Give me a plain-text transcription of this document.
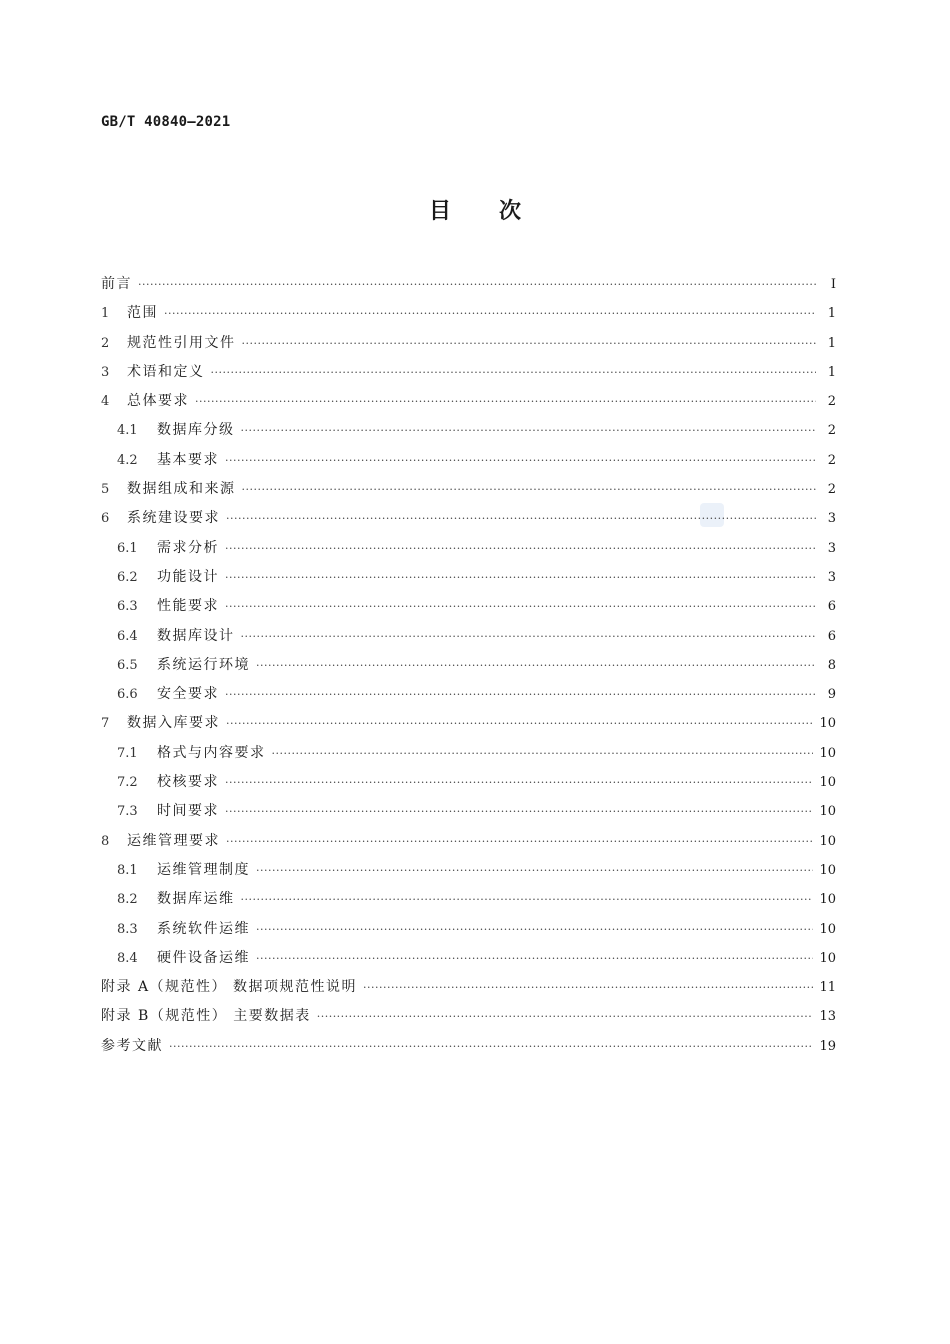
GB/T 40840—2021
目次
前言 ·····	I
1	范围 ·····	1
2	规范性引用文件 ·····	1
3	术语和定义 ·····	1
4	总体要求 ·····	2
4.1	数据库分级 ·····	2
4.2	基本要求 ·····	2
5	数据组成和来源 ·····	2
6	系统建设要求 ·····	3
6.1	需求分析 ·····	3
6.2	功能设计 ·····	3
6.3	性能要求 ·····	6
6.4	数据库设计 ·····	6
6.5	系统运行环境 ·····	8
6.6	安全要求 ·····	9
7	数据入库要求 ·····	10
7.1	格式与内容要求 ·····	10
7.2	校核要求 ·····	10
7.3	时间要求 ·····	10
8	运维管理要求 ·····	10
8.1	运维管理制度 ·····	10
8.2	数据库运维 ·····	10
8.3	系统软件运维 ·····	10
8.4	硬件设备运维 ·····	10
附录 A（规范性） 数据项规范性说明 ·····	11
附录 B（规范性） 主要数据表 ·····	13
参考文献 ·····	19
